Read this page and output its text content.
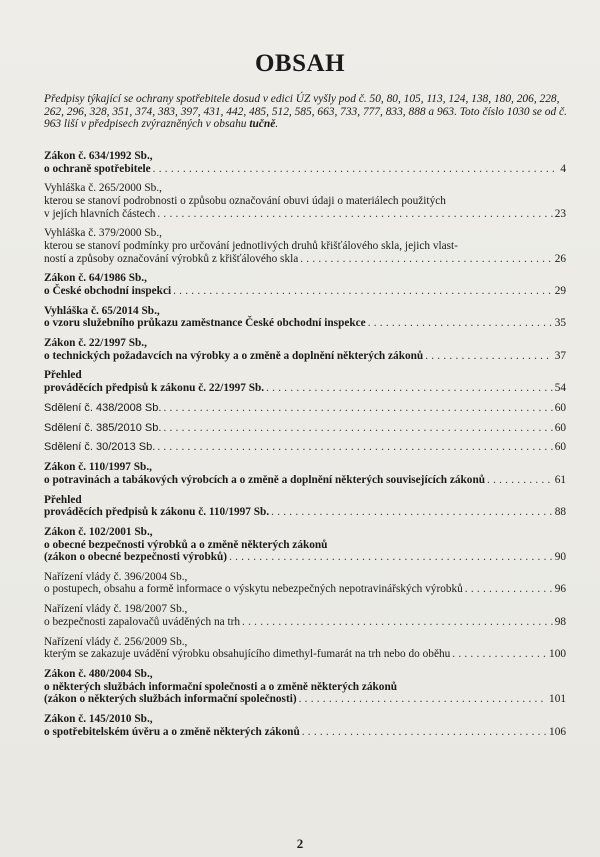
OBSAH
Předpisy týkající se ochrany spotřebitele dosud v edici ÚZ vyšly pod č. 50, 80, 105, 113, 124, 138, 180, 206, 228, 262, 296, 328, 351, 374, 383, 397, 431, 442, 485, 512, 585, 663, 733, 777, 833, 888 a 963. Toto číslo 1030 se od č. 963 liší v předpisech zvýrazněných v obsahu tučně.
Zákon č. 634/1992 Sb.,
o ochraně spotřebitele . . .	4
Vyhláška č. 265/2000 Sb.,
kterou se stanoví podrobnosti o způsobu označování obuvi údaji o materiálech použitých
v jejích hlavních částech . . .	23
Vyhláška č. 379/2000 Sb.,
kterou se stanoví podmínky pro určování jednotlivých druhů křišťálového skla, jejich vlast-
ností a způsoby označování výrobků z křišťálového skla . . .	26
Zákon č. 64/1986 Sb.,
o České obchodní inspekci . . .	29
Vyhláška č. 65/2014 Sb.,
o vzoru služebního průkazu zaměstnance České obchodní inspekce . . .	35
Zákon č. 22/1997 Sb.,
o technických požadavcích na výrobky a o změně a doplnění některých zákonů . . .	37
Přehled
prováděcích předpisů k zákonu č. 22/1997 Sb. . . .	54
Sdělení č. 438/2008 Sb. . . .	60
Sdělení č. 385/2010 Sb. . . .	60
Sdělení č. 30/2013 Sb. . . .	60
Zákon č. 110/1997 Sb.,
o potravinách a tabákových výrobcích a o změně a doplnění některých souvisejících zákonů . . .	61
Přehled
prováděcích předpisů k zákonu č. 110/1997 Sb. . . .	88
Zákon č. 102/2001 Sb.,
o obecné bezpečnosti výrobků a o změně některých zákonů
(zákon o obecné bezpečnosti výrobků) . . .	90
Nařízení vlády č. 396/2004 Sb.,
o postupech, obsahu a formě informace o výskytu nebezpečných nepotravinářských výrobků . . .	96
Nařízení vlády č. 198/2007 Sb.,
o bezpečnosti zapalovačů uváděných na trh . . .	98
Nařízení vlády č. 256/2009 Sb.,
kterým se zakazuje uvádění výrobku obsahujícího dimethyl-fumarát na trh nebo do oběhu . . .	100
Zákon č. 480/2004 Sb.,
o některých službách informační společnosti a o změně některých zákonů
(zákon o některých službách informační společnosti) . . .	101
Zákon č. 145/2010 Sb.,
o spotřebitelském úvěru a o změně některých zákonů . . .	106
2
